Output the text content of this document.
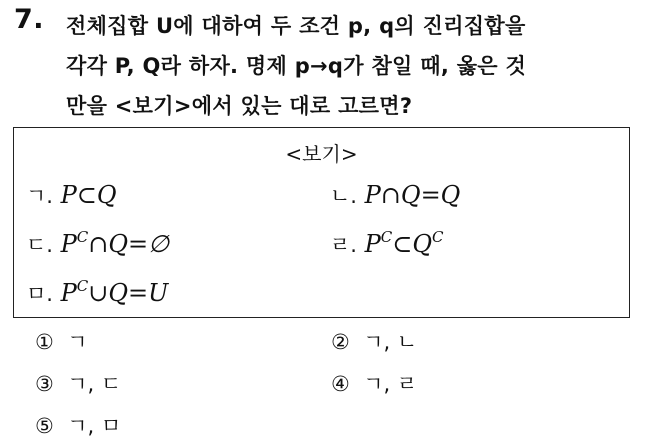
7. 전체집합 U에 대하여 두 조건 p, q의 진리집합을
각각 P, Q라 하자. 명제 p→q가 참일 때, 옳은 것
만을 <보기>에서 있는 대로 고르면?
<보기>
ㄱ. P⊂Q	ㄴ. P∩Q=Q
ㄷ. $P^C\cap Q=\emptyset$	ㄹ. $P^C\subset Q^C$
ㅁ. $P^C\cup Q=U$
① ㄱ	② ㄱ, ㄴ
③ ㄱ, ㄷ	④ ㄱ, ㄹ
⑤ ㄱ, ㅁ
